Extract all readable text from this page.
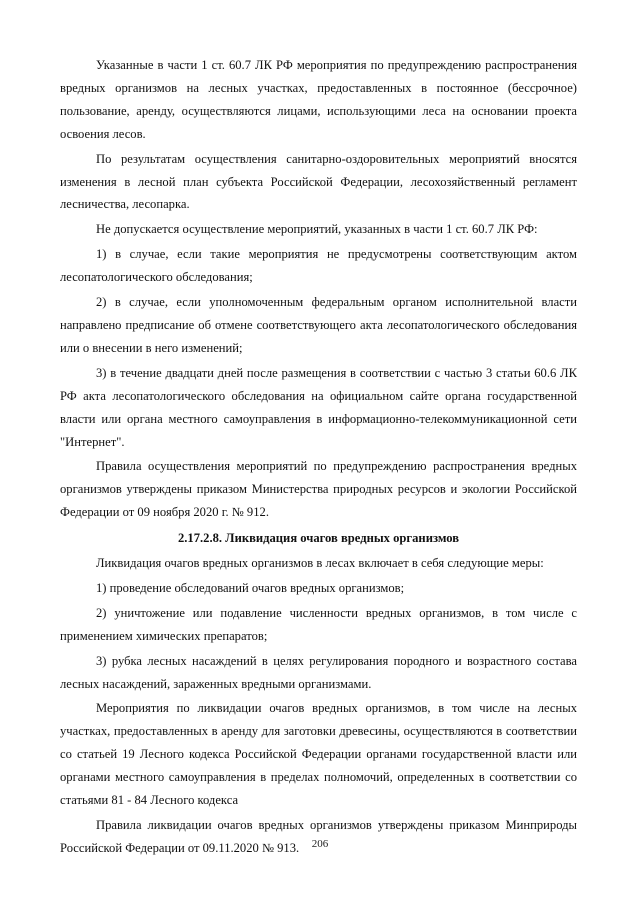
Указанные в части 1 ст. 60.7 ЛК РФ мероприятия по предупреждению распространения вредных организмов на лесных участках, предоставленных в постоянное (бессрочное) пользование, аренду, осуществляются лицами, использующими леса на основании проекта освоения лесов.

По результатам осуществления санитарно-оздоровительных мероприятий вносятся изменения в лесной план субъекта Российской Федерации, лесохозяйственный регламент лесничества, лесопарка.

Не допускается осуществление мероприятий, указанных в части 1 ст. 60.7 ЛК РФ:

1) в случае, если такие мероприятия не предусмотрены соответствующим актом лесопатологического обследования;

2) в случае, если уполномоченным федеральным органом исполнительной власти направлено предписание об отмене соответствующего акта лесопатологического обследования или о внесении в него изменений;

3) в течение двадцати дней после размещения в соответствии с частью 3 статьи 60.6 ЛК РФ акта лесопатологического обследования на официальном сайте органа государственной власти или органа местного самоуправления в информационно-телекоммуникационной сети "Интернет".

Правила осуществления мероприятий по предупреждению распространения вредных организмов утверждены приказом Министерства природных ресурсов и экологии Российской Федерации от 09 ноября 2020 г. № 912.

2.17.2.8. Ликвидация очагов вредных организмов

Ликвидация очагов вредных организмов в лесах включает в себя следующие меры:

1) проведение обследований очагов вредных организмов;

2) уничтожение или подавление численности вредных организмов, в том числе с применением химических препаратов;

3) рубка лесных насаждений в целях регулирования породного и возрастного состава лесных насаждений, зараженных вредными организмами.

Мероприятия по ликвидации очагов вредных организмов, в том числе на лесных участках, предоставленных в аренду для заготовки древесины, осуществляются в соответствии со статьей 19 Лесного кодекса Российской Федерации органами государственной власти или органами местного самоуправления в пределах полномочий, определенных в соответствии со статьями 81 - 84 Лесного кодекса

Правила ликвидации очагов вредных организмов утверждены приказом Минприроды Российской Федерации от 09.11.2020 № 913.	206
